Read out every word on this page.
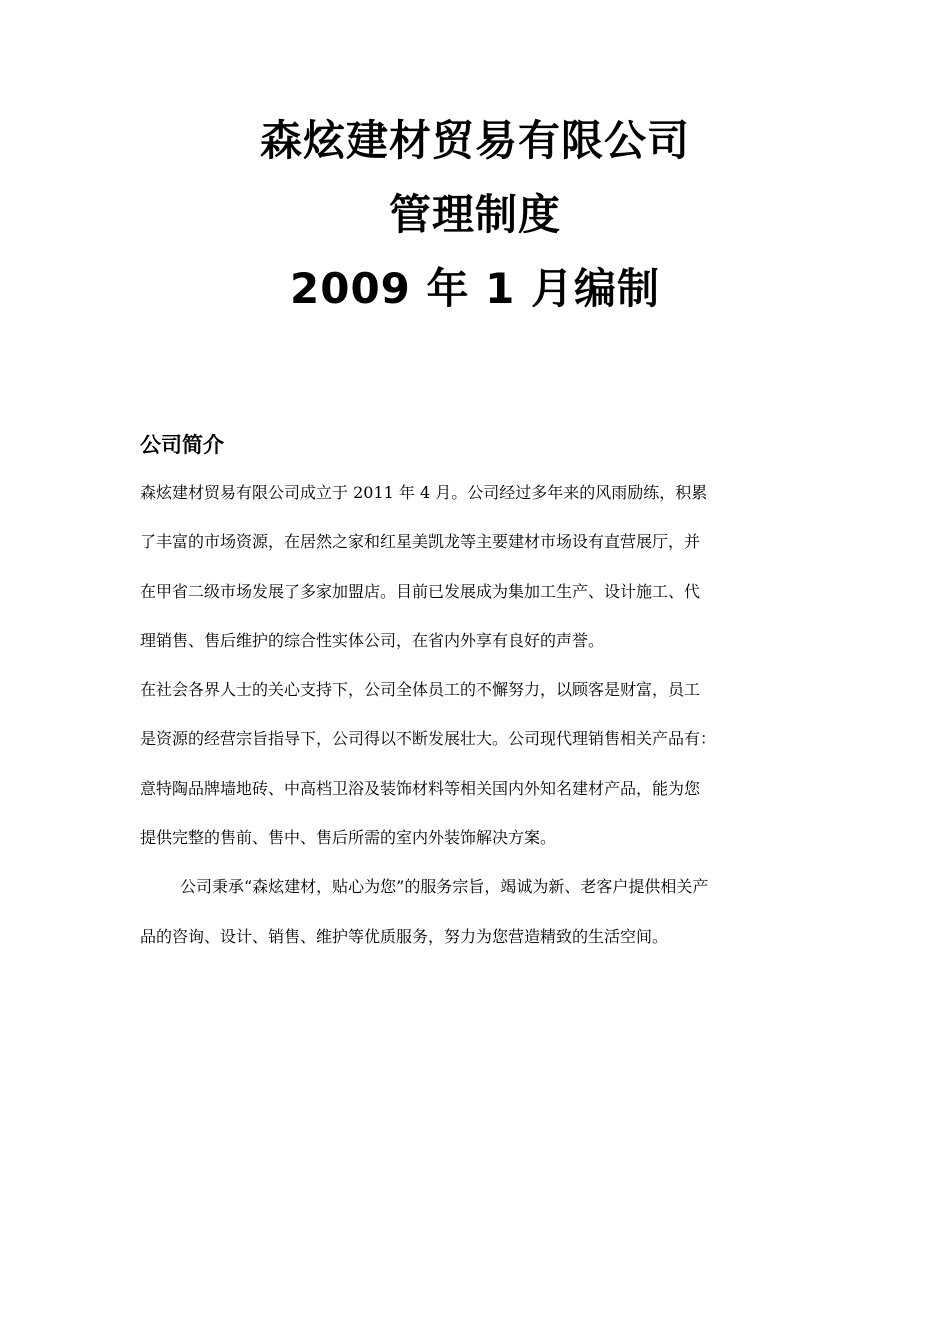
森炫建材贸易有限公司
管理制度
2009 年 1 月编制
公司简介
森炫建材贸易有限公司成立于 2011 年 4 月。公司经过多年来的风雨励练，积累
了丰富的市场资源，在居然之家和红星美凯龙等主要建材市场设有直营展厅，并
在甲省二级市场发展了多家加盟店。目前已发展成为集加工生产、设计施工、代
理销售、售后维护的综合性实体公司，在省内外享有良好的声誉。
在社会各界人士的关心支持下，公司全体员工的不懈努力，以顾客是财富，员工
是资源的经营宗旨指导下，公司得以不断发展壮大。公司现代理销售相关产品有：
意特陶品牌墙地砖、中高档卫浴及装饰材料等相关国内外知名建材产品，能为您
提供完整的售前、售中、售后所需的室内外装饰解决方案。
公司秉承“森炫建材，贴心为您”的服务宗旨，竭诚为新、老客户提供相关产
品的咨询、设计、销售、维护等优质服务，努力为您营造精致的生活空间。
